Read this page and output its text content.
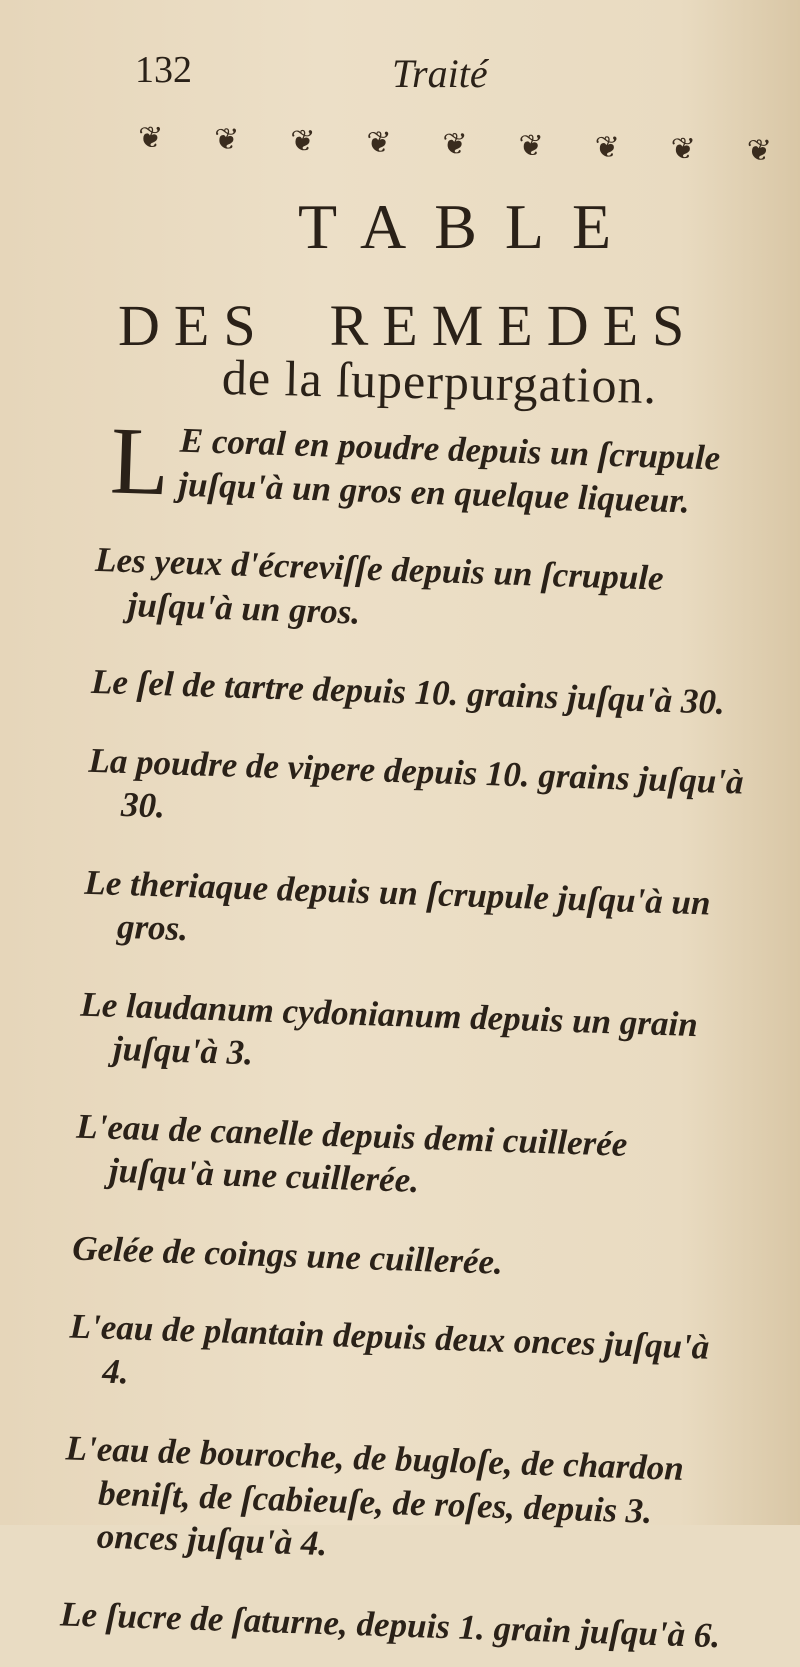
132	Traité
❦ ❦ ❦ ❦ ❦ ❦ ❦ ❦ ❦
TABLE
DES REMEDES
de la ſuperpurgation.

L E coral en poudre depuis un ſcrupule juſqu'à un gros en quelque liqueur.

Les yeux d'écreviſſe depuis un ſcrupule juſqu'à un gros.

Le ſel de tartre depuis 10. grains juſqu'à 30.

La poudre de vipere depuis 10. grains juſqu'à 30.

Le theriaque depuis un ſcrupule juſqu'à un gros.

Le laudanum cydonianum depuis un grain juſqu'à 3.

L'eau de canelle depuis demi cuillerée juſqu'à une cuillerée.

Gelée de coings une cuillerée.

L'eau de plantain depuis deux onces juſqu'à 4.

L'eau de bouroche, de bugloſe, de chardon beniſt, de ſcabieuſe, de roſes, depuis 3. onces juſqu'à 4.

Le ſucre de ſaturne, depuis 1. grain juſqu'à 6.
